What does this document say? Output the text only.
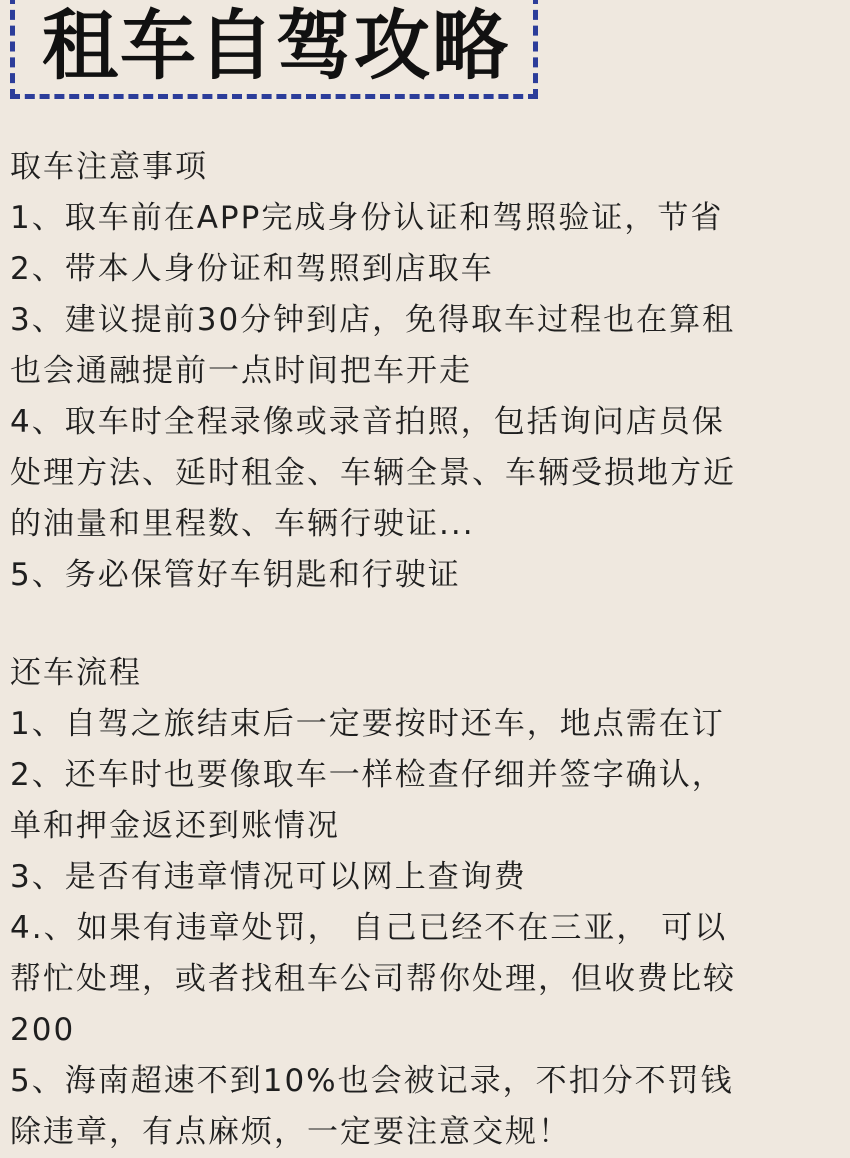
租车自驾攻略

取车注意事项

1、取车前在APP完成身份认证和驾照验证，节省

2、带本人身份证和驾照到店取车

3、建议提前30分钟到店，免得取车过程也在算租

也会通融提前一点时间把车开走

4、取车时全程录像或录音拍照，包括询问店员保

处理方法、延时租金、车辆全景、车辆受损地方近

的油量和里程数、车辆行驶证...

5、务必保管好车钥匙和行驶证

还车流程

1、自驾之旅结束后一定要按时还车，地点需在订

2、还车时也要像取车一样检查仔细并签字确认，

单和押金返还到账情况

3、是否有违章情况可以网上查询费

4.、如果有违章处罚， 自己已经不在三亚， 可以

帮忙处理，或者找租车公司帮你处理，但收费比较

200

5、海南超速不到10%也会被记录，不扣分不罚钱

除违章，有点麻烦，一定要注意交规！
